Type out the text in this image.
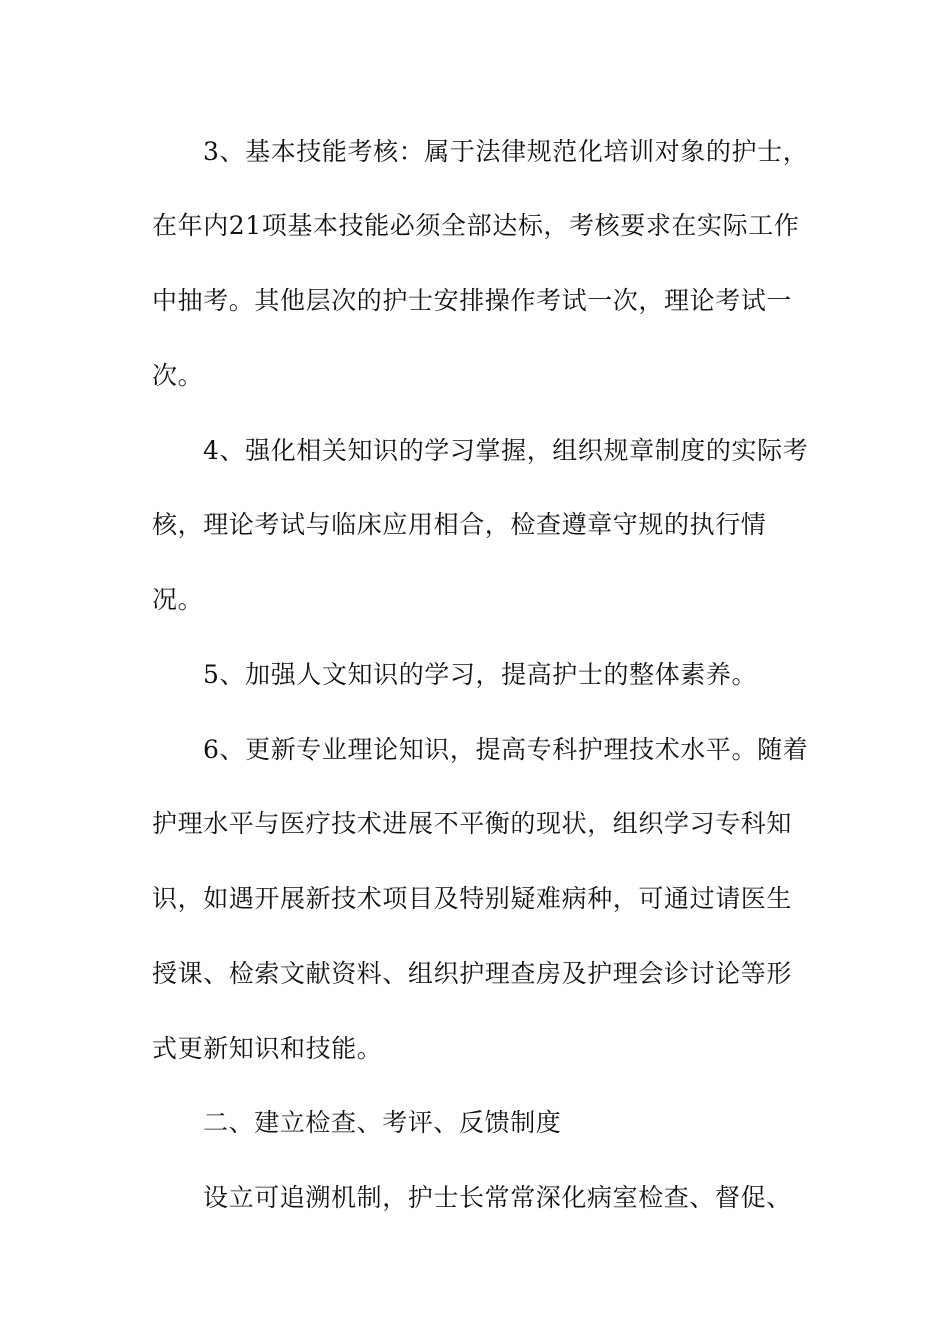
3、基本技能考核：属于法律规范化培训对象的护士，

在年内21项基本技能必须全部达标，考核要求在实际工作

中抽考。其他层次的护士安排操作考试一次，理论考试一

次。

4、强化相关知识的学习掌握，组织规章制度的实际考

核，理论考试与临床应用相合，检查遵章守规的执行情

况。

5、加强人文知识的学习，提高护士的整体素养。

6、更新专业理论知识，提高专科护理技术水平。随着

护理水平与医疗技术进展不平衡的现状，组织学习专科知

识，如遇开展新技术项目及特别疑难病种，可通过请医生

授课、检索文献资料、组织护理查房及护理会诊讨论等形

式更新知识和技能。

二、建立检查、考评、反馈制度

设立可追溯机制，护士长常常深化病室检查、督促、
